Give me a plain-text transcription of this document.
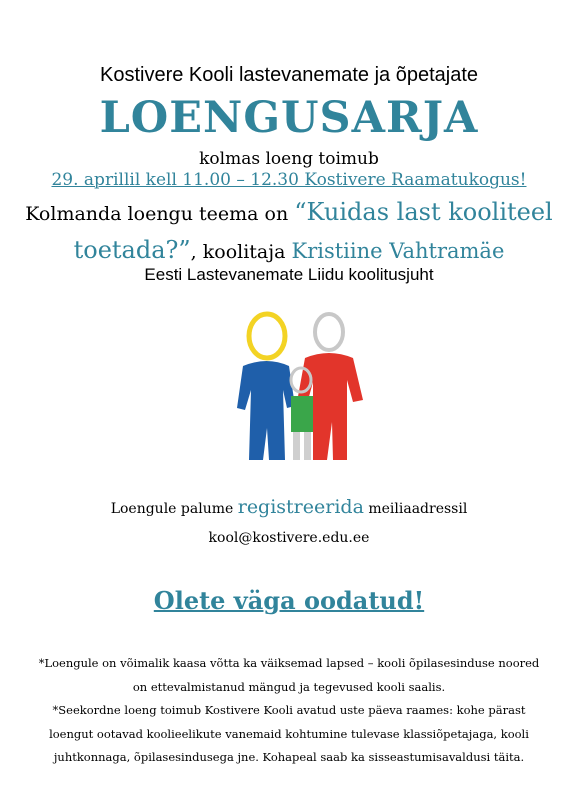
Kostivere Kooli lastevanemate ja õpetajate
LOENGUSARJA
kolmas loeng toimub
29. aprillil kell 11.00 – 12.30 Kostivere Raamatukogus!
Kolmanda loengu teema on “Kuidas last kooliteel
toetada?”, koolitaja Kristiine Vahtramäe
Eesti Lastevanemate Liidu koolitusjuht
Loengule palume registreerida meiliaadressil
kool@kostivere.edu.ee
Olete väga oodatud!
*Loengule on võimalik kaasa võtta ka väiksemad lapsed – kooli õpilasesinduse noored
on ettevalmistanud mängud ja tegevused kooli saalis.
*Seekordne loeng toimub Kostivere Kooli avatud uste päeva raames: kohe pärast
loengut ootavad koolieelikute vanemaid kohtumine tulevase klassiõpetajaga, kooli
juhtkonnaga, õpilasesindusega jne. Kohapeal saab ka sisseastumisavaldusi täita.
